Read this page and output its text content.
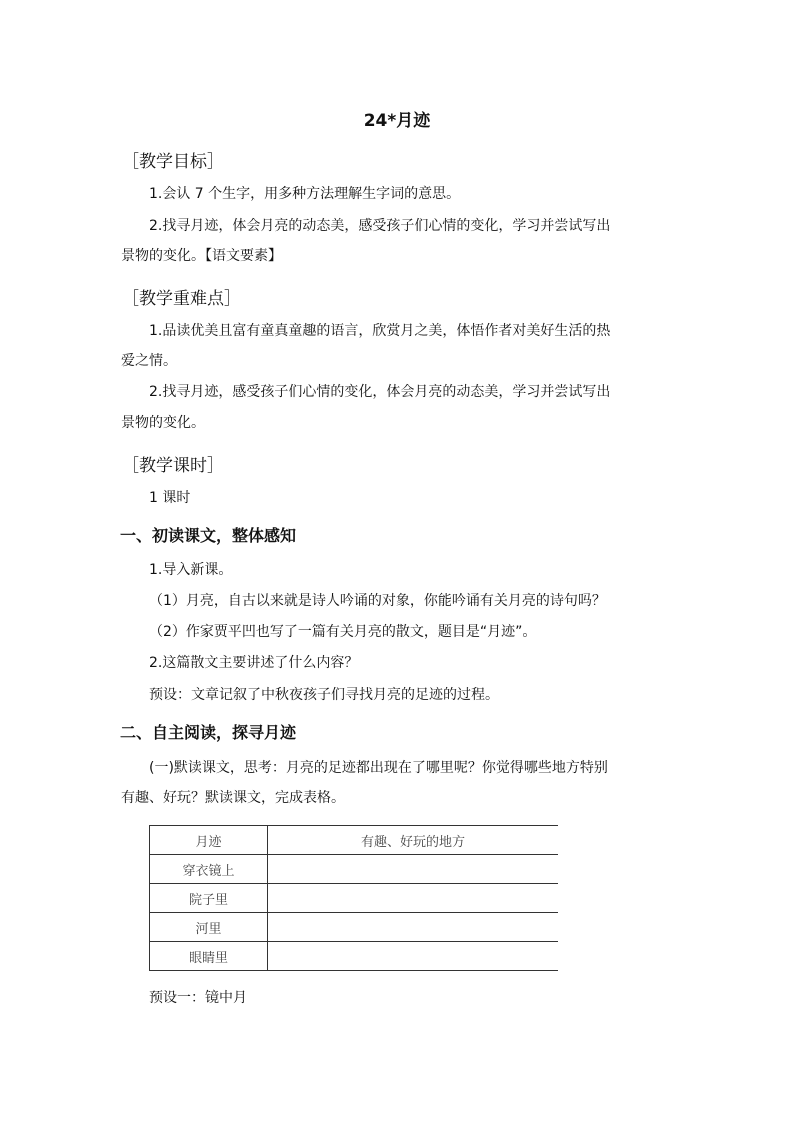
24*月迹
［教学目标］
1.会认 7 个生字，用多种方法理解生字词的意思。
2.找寻月迹，体会月亮的动态美，感受孩子们心情的变化，学习并尝试写出
景物的变化。【语文要素】
［教学重难点］
1.品读优美且富有童真童趣的语言，欣赏月之美，体悟作者对美好生活的热
爱之情。
2.找寻月迹，感受孩子们心情的变化，体会月亮的动态美，学习并尝试写出
景物的变化。
［教学课时］
1 课时
一、初读课文，整体感知
1.导入新课。
（1）月亮，自古以来就是诗人吟诵的对象，你能吟诵有关月亮的诗句吗？
（2）作家贾平凹也写了一篇有关月亮的散文，题目是“月迹”。
2.这篇散文主要讲述了什么内容？
预设：文章记叙了中秋夜孩子们寻找月亮的足迹的过程。
二、自主阅读，探寻月迹
(一)默读课文，思考：月亮的足迹都出现在了哪里呢？你觉得哪些地方特别
有趣、好玩？默读课文，完成表格。
月迹	有趣、好玩的地方
穿衣镜上	
院子里	
河里	
眼睛里	
预设一：镜中月
